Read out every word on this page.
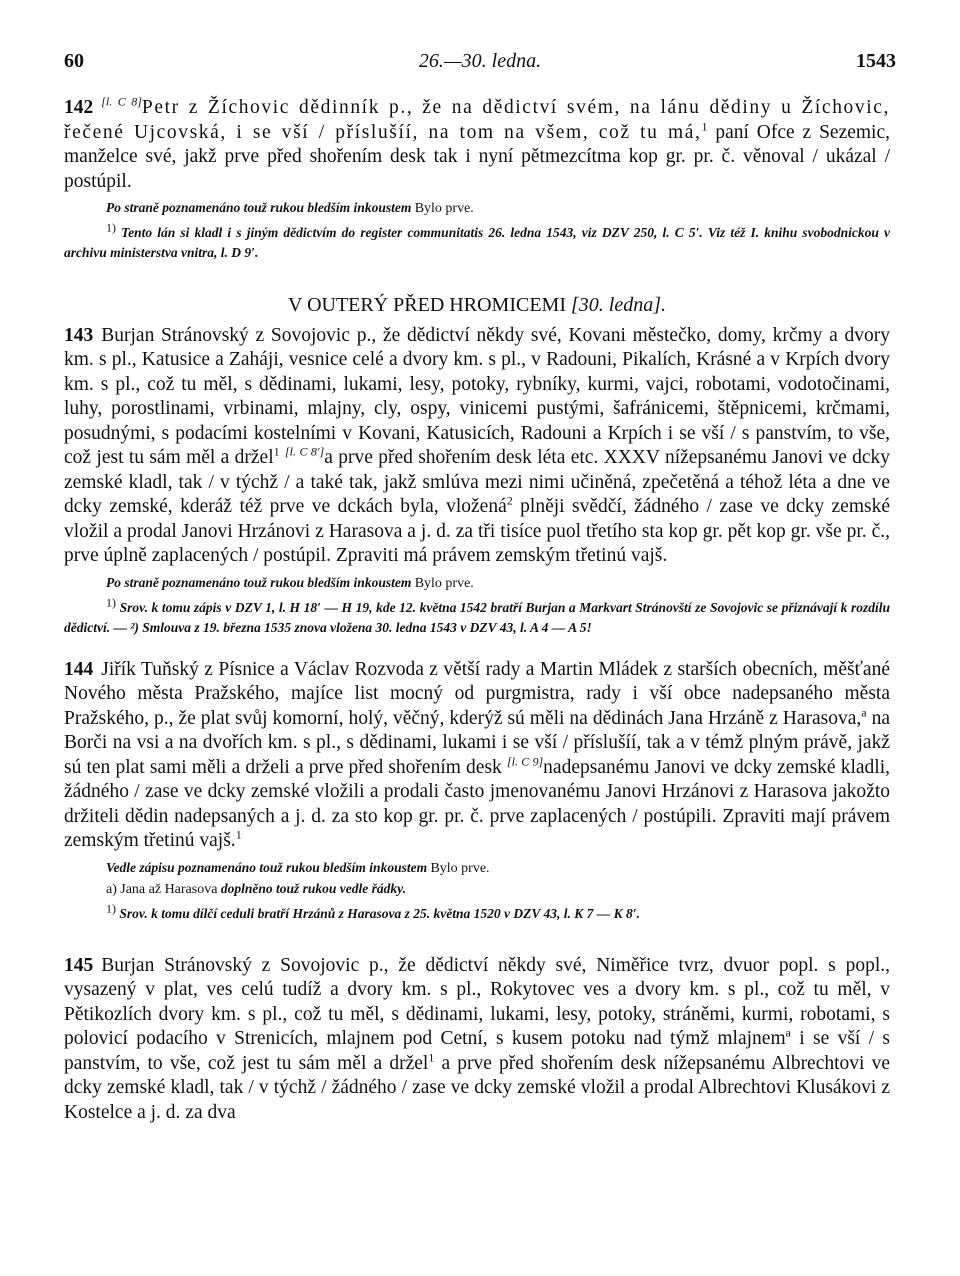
60	26.—30. ledna.	1543

142 [l. C 8]Petr z Žíchovic dědinník p., že na dědictví svém, na lánu dědiny u Žíchovic, řečené Ujcovská, i se vší / příslušíí, na tom na všem, což tu má,$^1$ paní Ofce z Sezemic, manželce své, jakž prve před shořením desk tak i nyní pětmezcítma kop gr. pr. č. věnoval / ukázal / postúpil.

Po straně poznamenáno touž rukou bledším inkoustem Bylo prve.

$^{1)}$ Tento lán si kladl i s jiným dědictvím do register communitatis 26. ledna 1543, viz DZV 250, l. C 5′. Viz též I. knihu svobodnickou v archivu ministerstva vnitra, l. D 9′.

V OUTERÝ PŘED HROMICEMI [30. ledna].

143 Burjan Stránovský z Sovojovic p., že dědictví někdy své, Kovani městečko, domy, krčmy a dvory km. s pl., Katusice a Zaháji, vesnice celé a dvory km. s pl., v Radouni, Pikalích, Krásné a v Krpích dvory km. s pl., což tu měl, s dědinami, lukami, lesy, potoky, rybníky, kurmi, vajci, robotami, vodotočinami, luhy, porostlinami, vrbinami, mlajny, cly, ospy, vinicemi pustými, šafránicemi, štěpnicemi, krčmami, posudnými, s podacími kostelními v Kovani, Katusicích, Radouni a Krpích i se vší / s panstvím, to vše, což jest tu sám měl a držel$^1$ [l. C 8′]a prve před shořením desk léta etc. XXXV nížepsanému Janovi ve dcky zemské kladl, tak / v týchž / a také tak, jakž smlúva mezi nimi učiněná, zpečetěná a téhož léta a dne ve dcky zemské, kderáž též prve ve dckách byla, vložená$^2$ plněji svědčí, žádného / zase ve dcky zemské vložil a prodal Janovi Hrzánovi z Harasova a j. d. za tři tisíce puol třetího sta kop gr. pět kop gr. vše pr. č., prve úplně zaplacených / postúpil. Zpraviti má právem zemským třetinú vajš.

Po straně poznamenáno touž rukou bledším inkoustem Bylo prve.

$^{1)}$ Srov. k tomu zápis v DZV 1, l. H 18′ — H 19, kde 12. května 1542 bratří Burjan a Markvart Stránovští ze Sovojovic se přiznávají k rozdílu dědictví. — ²) Smlouva z 19. března 1535 znova vložena 30. ledna 1543 v DZV 43, l. A 4 — A 5!

144 Jiřík Tuňský z Písnice a Václav Rozvoda z větší rady a Martin Mládek z starších obecních, měšťané Nového města Pražského, majíce list mocný od purgmistra, rady i vší obce nadepsaného města Pražského, p., že plat svůj komorní, holý, věčný, kderýž sú měli na dědinách Jana Hrzáně z Harasova,$^a$ na Borči na vsi a na dvořích km. s pl., s dědinami, lukami i se vší / příslušíí, tak a v témž plným právě, jakž sú ten plat sami měli a drželi a prve před shořením desk [l. C 9]nadepsanému Janovi ve dcky zemské kladli, žádného / zase ve dcky zemské vložili a prodali často jmenovanému Janovi Hrzánovi z Harasova jakožto držiteli dědin nadepsaných a j. d. za sto kop gr. pr. č. prve zaplacených / postúpili. Zpraviti mají právem zemským třetinú vajš.$^1$

Vedle zápisu poznamenáno touž rukou bledším inkoustem Bylo prve.

a) Jana až Harasova doplněno touž rukou vedle řádky.

$^{1)}$ Srov. k tomu dílčí ceduli bratří Hrzánů z Harasova z 25. května 1520 v DZV 43, l. K 7 — K 8′.

145 Burjan Stránovský z Sovojovic p., že dědictví někdy své, Niměřice tvrz, dvuor popl. s popl., vysazený v plat, ves celú tudíž a dvory km. s pl., Rokytovec ves a dvory km. s pl., což tu měl, v Pětikozlích dvory km. s pl., což tu měl, s dědinami, lukami, lesy, potoky, stráněmi, kurmi, robotami, s polovicí podacího v Strenicích, mlajnem pod Cetní, s kusem potoku nad týmž mlajnem$^a$ i se vší / s panstvím, to vše, což jest tu sám měl a držel$^1$ a prve před shořením desk nížepsanému Albrechtovi ve dcky zemské kladl, tak / v týchž / žádného / zase ve dcky zemské vložil a prodal Albrechtovi Klusákovi z Kostelce a j. d. za dva
